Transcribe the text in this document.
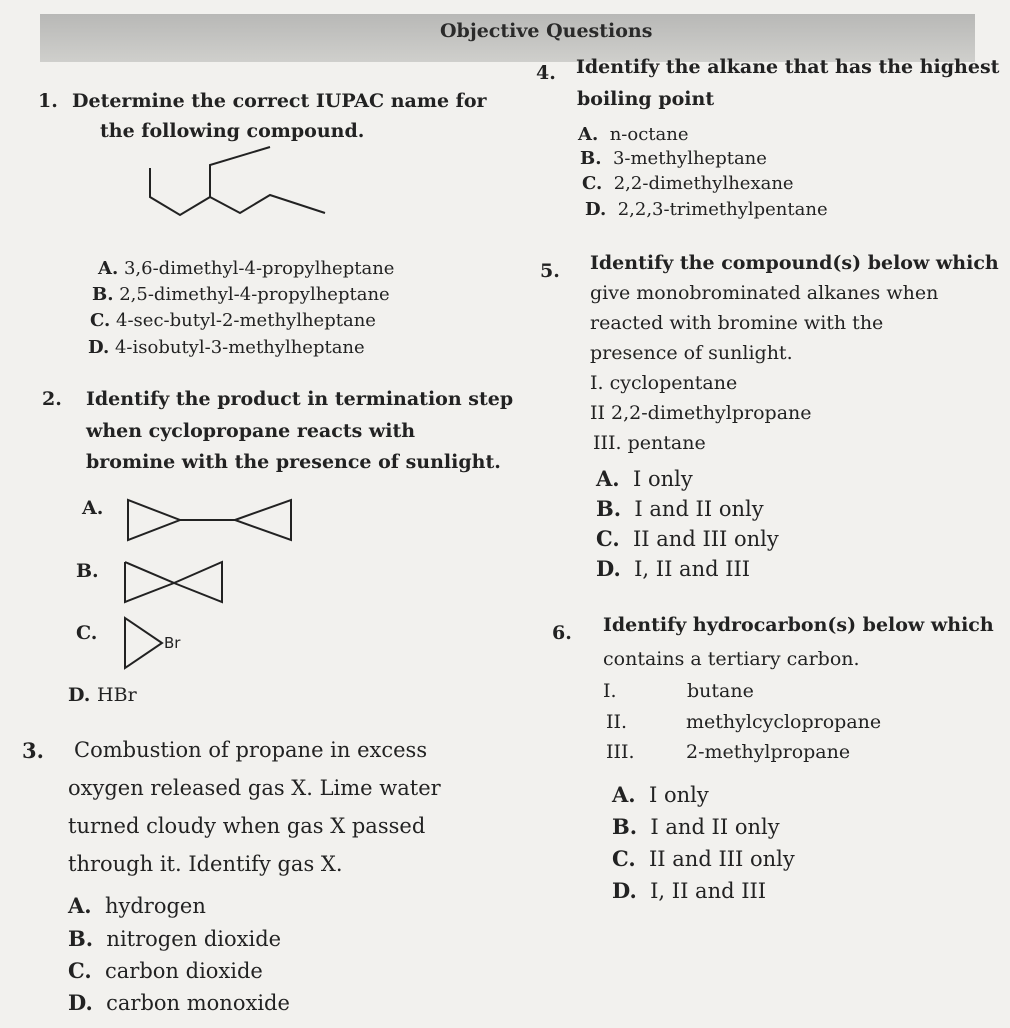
Objective Questions
1. Determine the correct IUPAC name for
the following compound.
A. 3,6-dimethyl-4-propylheptane
B. 2,5-dimethyl-4-propylheptane
C. 4-sec-butyl-2-methylheptane
D. 4-isobutyl-3-methylheptane
2. Identify the product in termination step
when cyclopropane reacts with
bromine with the presence of sunlight.
A.
B.
C.	Br
D. HBr
3. Combustion of propane in excess
oxygen released gas X. Lime water
turned cloudy when gas X passed
through it. Identify gas X.
A. hydrogen
B. nitrogen dioxide
C. carbon dioxide
D. carbon monoxide
4. Identify the alkane that has the highest
boiling point
A. n-octane
B. 3-methylheptane
C. 2,2-dimethylhexane
D. 2,2,3-trimethylpentane
5. Identify the compound(s) below which
give monobrominated alkanes when
reacted with bromine with the
presence of sunlight.
I. cyclopentane
II 2,2-dimethylpropane
III. pentane
A. I only
B. I and II only
C. II and III only
D. I, II and III
6. Identify hydrocarbon(s) below which
contains a tertiary carbon.
I.	butane
II.	methylcyclopropane
III.	2-methylpropane
A. I only
B. I and II only
C. II and III only
D. I, II and III
